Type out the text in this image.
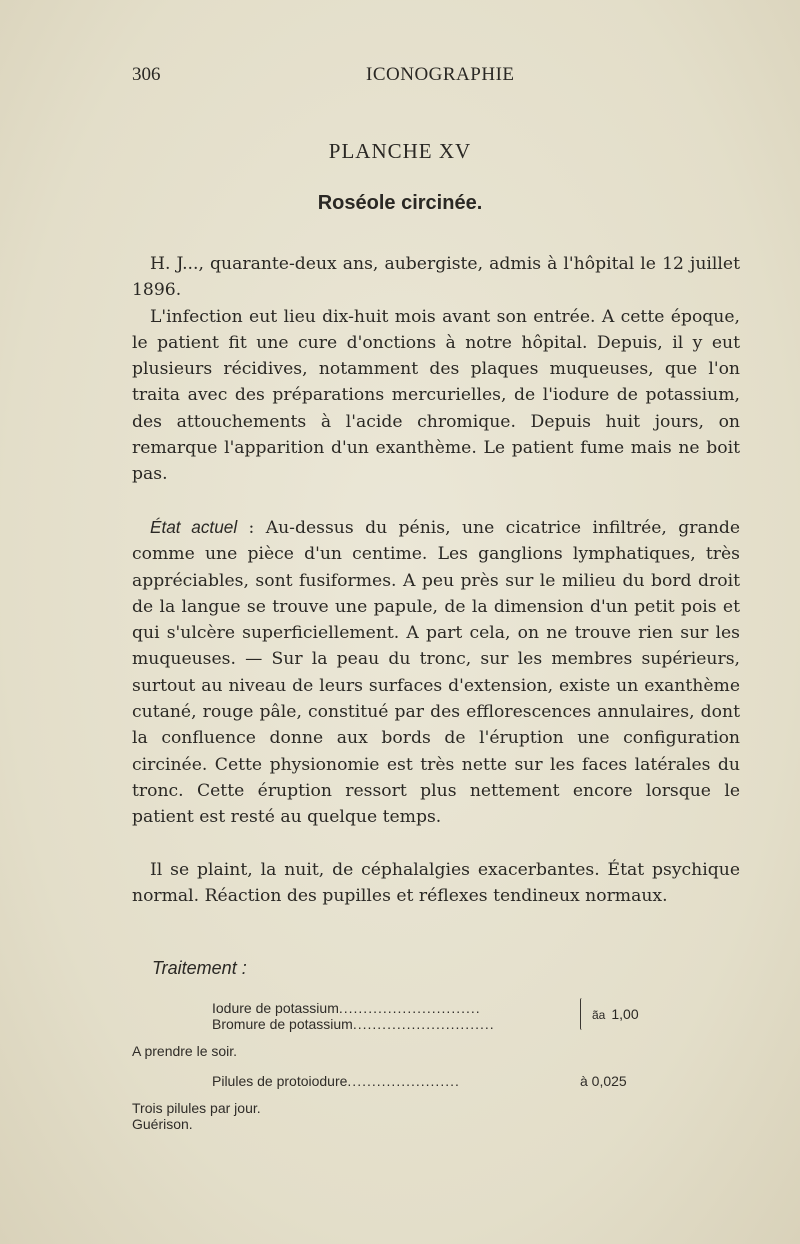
306	ICONOGRAPHIE
PLANCHE XV
Roséole circinée.

H. J..., quarante-deux ans, aubergiste, admis à l'hôpital le 12 juillet 1896.

L'infection eut lieu dix-huit mois avant son entrée. A cette époque, le patient fit une cure d'onctions à notre hôpital. Depuis, il y eut plusieurs récidives, notamment des plaques muqueuses, que l'on traita avec des préparations mercurielles, de l'iodure de potassium, des attouchements à l'acide chromique. Depuis huit jours, on remarque l'apparition d'un exanthème. Le patient fume mais ne boit pas.

État actuel : Au-dessus du pénis, une cicatrice infiltrée, grande comme une pièce d'un centime. Les ganglions lymphatiques, très appréciables, sont fusiformes. A peu près sur le milieu du bord droit de la langue se trouve une papule, de la dimension d'un petit pois et qui s'ulcère superficiellement. A part cela, on ne trouve rien sur les muqueuses. — Sur la peau du tronc, sur les membres supérieurs, surtout au niveau de leurs surfaces d'extension, existe un exanthème cutané, rouge pâle, constitué par des efflorescences annulaires, dont la confluence donne aux bords de l'éruption une configuration circinée. Cette physionomie est très nette sur les faces latérales du tronc. Cette éruption ressort plus nettement encore lorsque le patient est resté au quelque temps.

Il se plaint, la nuit, de céphalalgies exacerbantes. État psychique normal. Réaction des pupilles et réflexes tendineux normaux.

Traitement :
Iodure de potassium.............................
Bromure de potassium.............................
A prendre le soir.
Pilules de protoiodure.......................	à 0,025
Trois pilules par jour.
Guérison.
ãa 1,00
